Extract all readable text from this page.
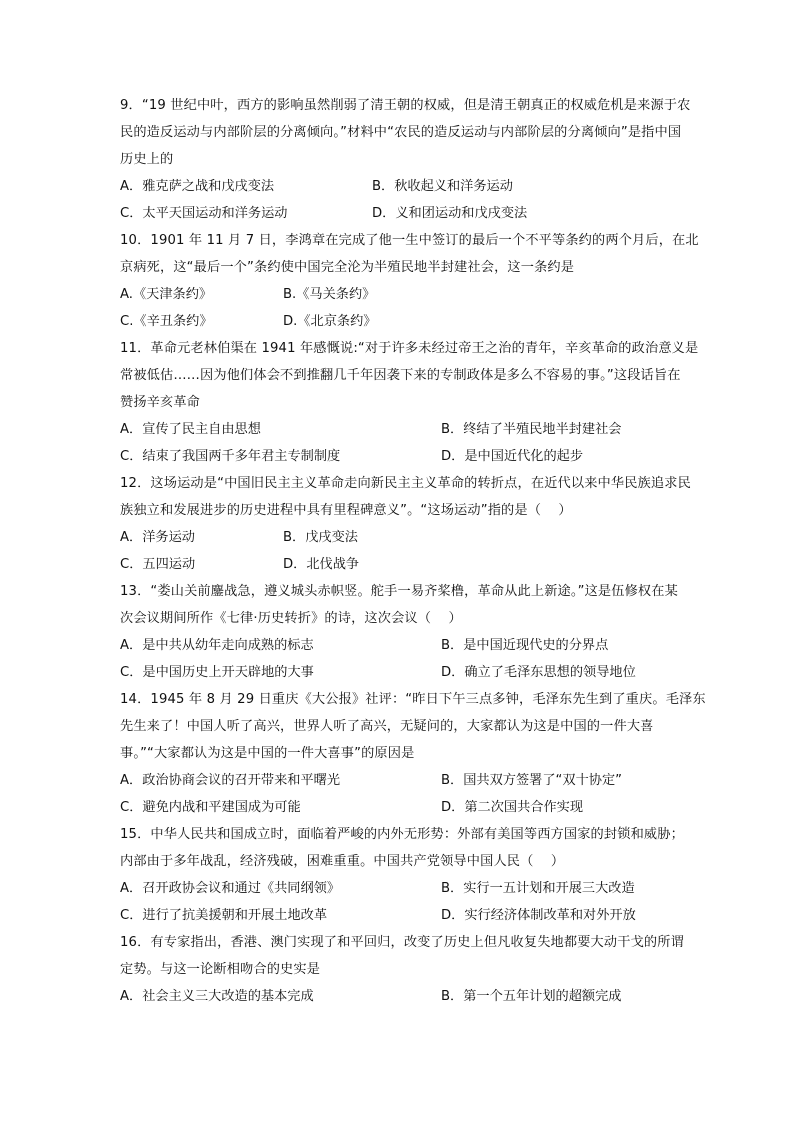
9．“19 世纪中叶，西方的影响虽然削弱了清王朝的权威，但是清王朝真正的权威危机是来源于农
民的造反运动与内部阶层的分离倾向。”材料中“农民的造反运动与内部阶层的分离倾向”是指中国
历史上的

A．雅克萨之战和戊戌变法	B．秋收起义和洋务运动
C．太平天国运动和洋务运动	D．义和团运动和戊戌变法

10．1901 年 11 月 7 日，李鸿章在完成了他一生中签订的最后一个不平等条约的两个月后，在北
京病死，这“最后一个”条约使中国完全沦为半殖民地半封建社会，这一条约是

A.《天津条约》	B.《马关条约》
C.《辛丑条约》	D.《北京条约》

11．革命元老林伯渠在 1941 年感慨说:“对于许多未经过帝王之治的青年，辛亥革命的政治意义是
常被低估……因为他们体会不到推翻几千年因袭下来的专制政体是多么不容易的事。”这段话旨在
赞扬辛亥革命

A．宣传了民主自由思想	B．终结了半殖民地半封建社会
C．结束了我国两千多年君主专制制度	D．是中国近代化的起步

12．这场运动是“中国旧民主主义革命走向新民主主义革命的转折点，在近代以来中华民族追求民
族独立和发展进步的历史进程中具有里程碑意义”。“这场运动”指的是（    ）

A．洋务运动	B．戊戌变法
C．五四运动	D．北伐战争

13．“娄山关前鏖战急，遵义城头赤帜竖。舵手一易齐桨橹，革命从此上新途。”这是伍修权在某
次会议期间所作《七律·历史转折》的诗，这次会议（    ）

A．是中共从幼年走向成熟的标志	B．是中国近现代史的分界点
C．是中国历史上开天辟地的大事	D．确立了毛泽东思想的领导地位

14．1945 年 8 月 29 日重庆《大公报》社评：“昨日下午三点多钟，毛泽东先生到了重庆。毛泽东
先生来了！中国人听了高兴，世界人听了高兴，无疑问的，大家都认为这是中国的一件大喜
事。”“大家都认为这是中国的一件大喜事”的原因是

A．政治协商会议的召开带来和平曙光	B．国共双方签署了“双十协定”
C．避免内战和平建国成为可能	D．第二次国共合作实现

15．中华人民共和国成立时，面临着严峻的内外无形势：外部有美国等西方国家的封锁和威胁；
内部由于多年战乱，经济残破，困难重重。中国共产党领导中国人民（    ）

A．召开政协会议和通过《共同纲领》	B．实行一五计划和开展三大改造
C．进行了抗美援朝和开展土地改革	D．实行经济体制改革和对外开放

16．有专家指出，香港、澳门实现了和平回归，改变了历史上但凡收复失地都要大动干戈的所谓
定势。与这一论断相吻合的史实是

A．社会主义三大改造的基本完成	B．第一个五年计划的超额完成
